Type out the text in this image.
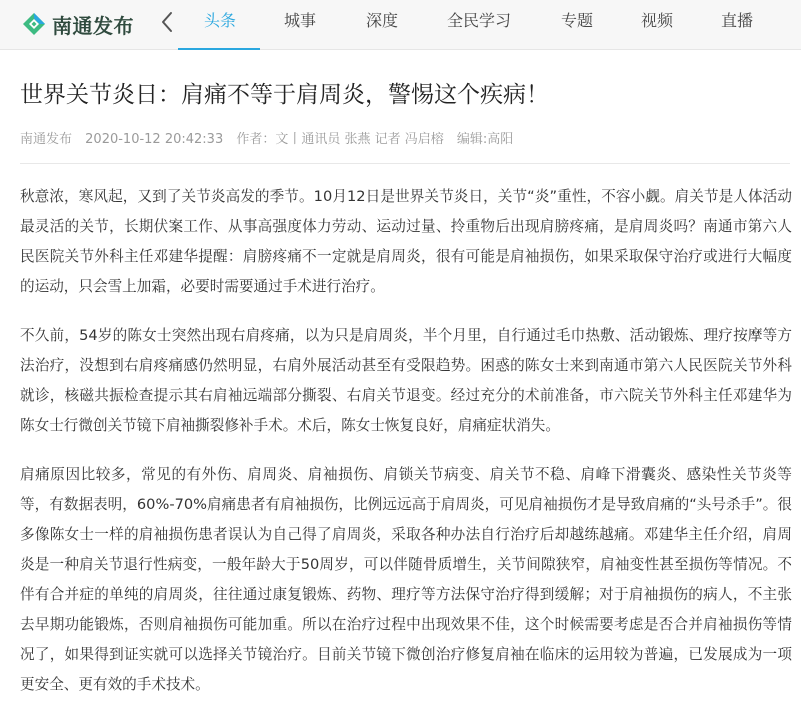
南通发布	头条	城事	深度	全民学习	专题	视频	直播
世界关节炎日：肩痛不等于肩周炎，警惕这个疾病！
南通发布 2020-10-12 20:42:33 作者：文丨通讯员 张燕 记者 冯启榕 编辑:高阳

秋意浓，寒风起，又到了关节炎高发的季节。10月12日是世界关节炎日，关节“炎”重性，不容小觑。肩关节是人体活动最灵活的关节，长期伏案工作、从事高强度体力劳动、运动过量、拎重物后出现肩膀疼痛，是肩周炎吗？南通市第六人民医院关节外科主任邓建华提醒：肩膀疼痛不一定就是肩周炎，很有可能是肩袖损伤，如果采取保守治疗或进行大幅度的运动，只会雪上加霜，必要时需要通过手术进行治疗。

不久前，54岁的陈女士突然出现右肩疼痛，以为只是肩周炎，半个月里，自行通过毛巾热敷、活动锻炼、理疗按摩等方法治疗，没想到右肩疼痛感仍然明显，右肩外展活动甚至有受限趋势。困惑的陈女士来到南通市第六人民医院关节外科就诊，核磁共振检查提示其右肩袖远端部分撕裂、右肩关节退变。经过充分的术前准备，市六院关节外科主任邓建华为陈女士行微创关节镜下肩袖撕裂修补手术。术后，陈女士恢复良好，肩痛症状消失。

肩痛原因比较多，常见的有外伤、肩周炎、肩袖损伤、肩锁关节病变、肩关节不稳、肩峰下滑囊炎、感染性关节炎等等，有数据表明，60%-70%肩痛患者有肩袖损伤，比例远远高于肩周炎，可见肩袖损伤才是导致肩痛的“头号杀手”。很多像陈女士一样的肩袖损伤患者误认为自己得了肩周炎，采取各种办法自行治疗后却越练越痛。邓建华主任介绍，肩周炎是一种肩关节退行性病变，一般年龄大于50周岁，可以伴随骨质增生，关节间隙狭窄，肩袖变性甚至损伤等情况。不伴有合并症的单纯的肩周炎，往往通过康复锻炼、药物、理疗等方法保守治疗得到缓解；对于肩袖损伤的病人，不主张去早期功能锻炼，否则肩袖损伤可能加重。所以在治疗过程中出现效果不佳，这个时候需要考虑是否合并肩袖损伤等情况了，如果得到证实就可以选择关节镜治疗。目前关节镜下微创治疗修复肩袖在临床的运用较为普遍，已发展成为一项更安全、更有效的手术技术。
